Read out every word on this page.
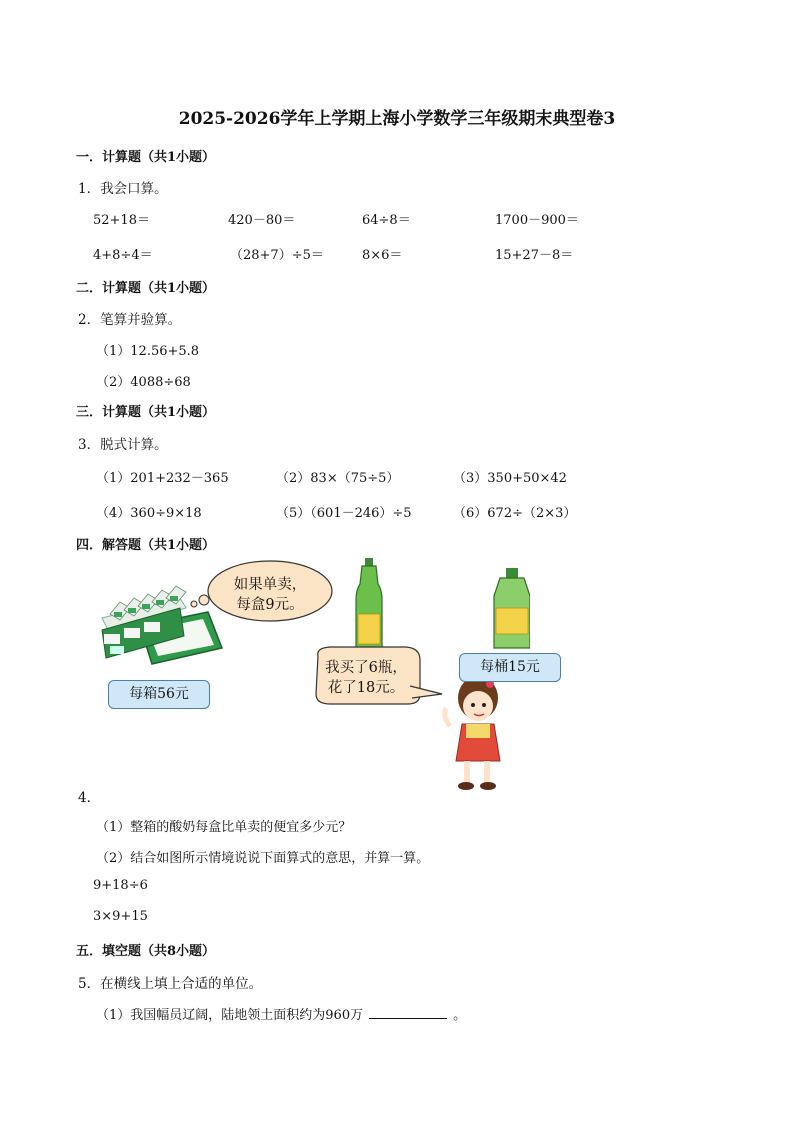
2025-2026学年上学期上海小学数学三年级期末典型卷3
一．计算题（共1小题）
1．我会口算。
52+18＝	420－80＝	64÷8＝	1700－900＝
4+8÷4＝	（28+7）÷5＝	8×6＝	15+27－8＝
二．计算题（共1小题）
2．笔算并验算。
（1）12.56+5.8
（2）4088÷68
三．计算题（共1小题）
3．脱式计算。
（1）201+232－365	（2）83×（75÷5）	（3）350+50×42
（4）360÷9×18	（5）（601－246）÷5	（6）672÷（2×3）
四．解答题（共1小题）
如果单卖，
每盒9元。
我买了6瓶，
花了18元。
每箱56元
每桶15元
4．
（1）整箱的酸奶每盒比单卖的便宜多少元？
（2）结合如图所示情境说说下面算式的意思，并算一算。
9+18÷6
3×9+15
五．填空题（共8小题）
5．在横线上填上合适的单位。
（1）我国幅员辽阔，陆地领土面积约为960万	。
